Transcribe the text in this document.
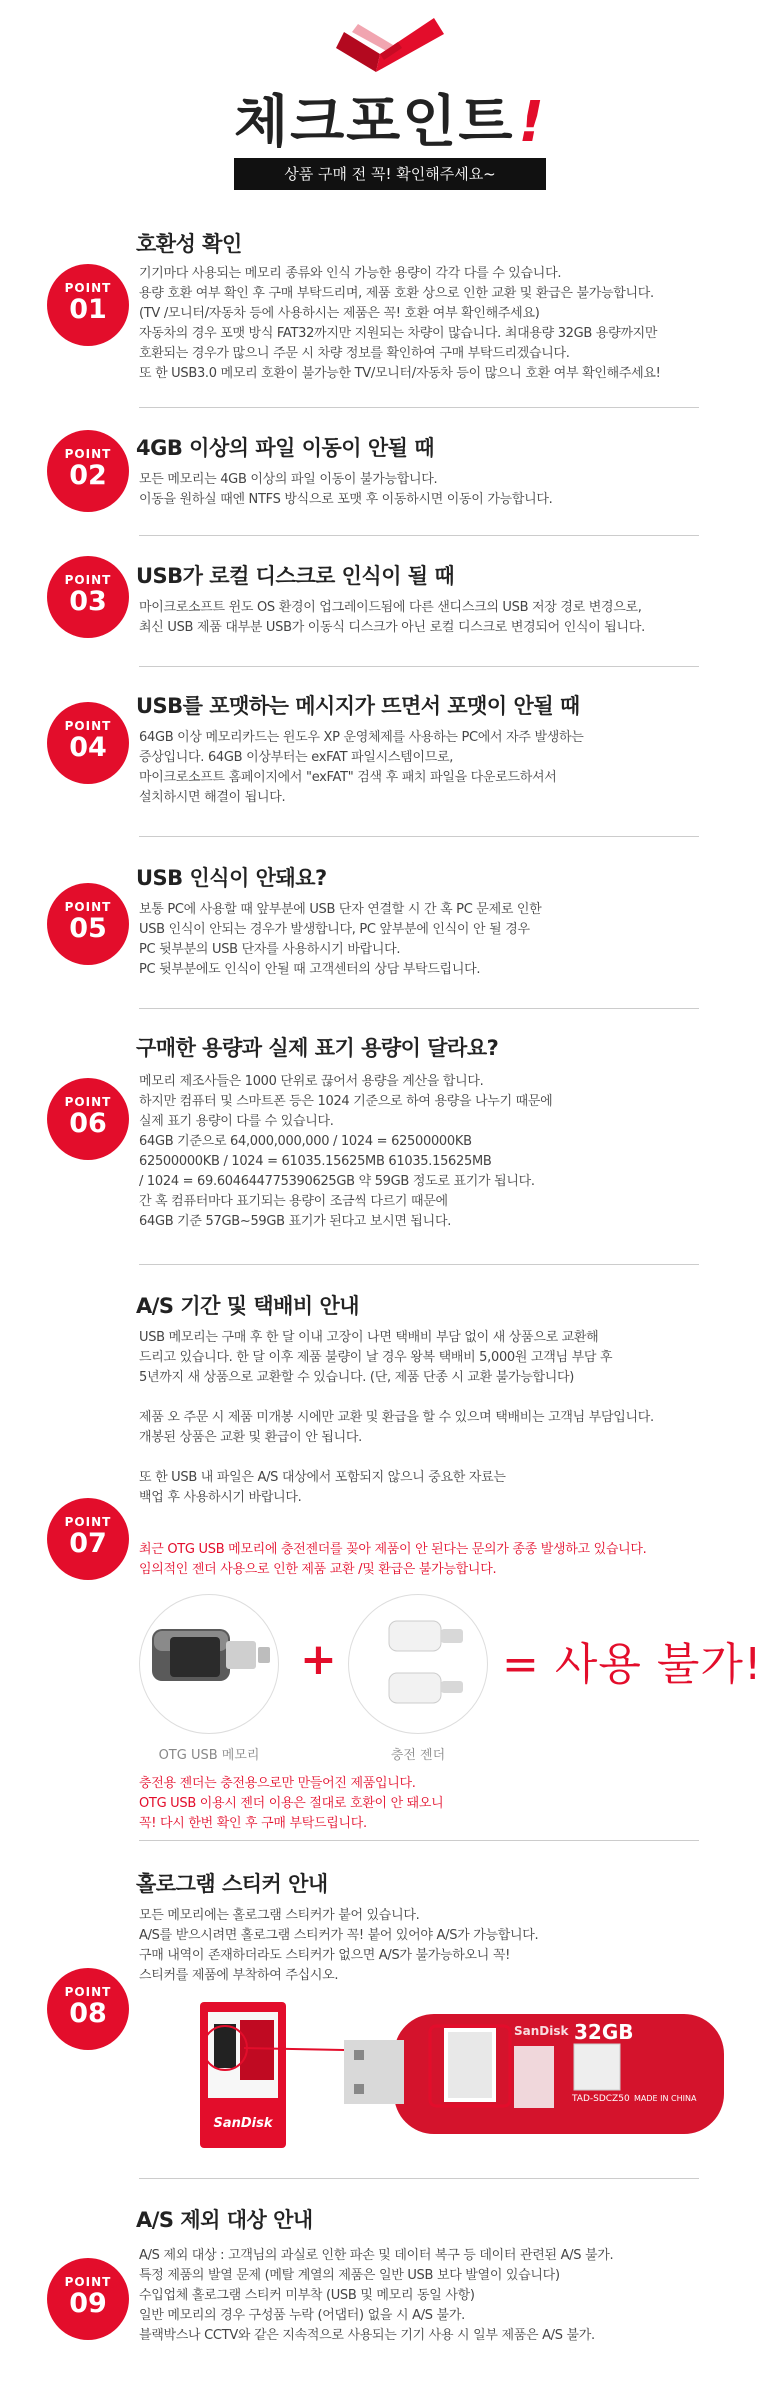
체크포인트!
상품 구매 전 꼭! 확인해주세요~
POINT
01
호환성 확인
기기마다 사용되는 메모리 종류와 인식 가능한 용량이 각각 다를 수 있습니다.
용량 호환 여부 확인 후 구매 부탁드리며, 제품 호환 상으로 인한 교환 및 환급은 불가능합니다.
(TV /모니터/자동차 등에 사용하시는 제품은 꼭! 호환 여부 확인해주세요)
자동차의 경우 포맷 방식 FAT32까지만 지원되는 차량이 많습니다. 최대용량 32GB 용량까지만
호환되는 경우가 많으니 주문 시 차량 정보를 확인하여 구매 부탁드리겠습니다.
또 한 USB3.0 메모리 호환이 불가능한 TV/모니터/자동차 등이 많으니 호환 여부 확인해주세요!
POINT
02
4GB 이상의 파일 이동이 안될 때
모든 메모리는 4GB 이상의 파일 이동이 불가능합니다.
이동을 원하실 때엔 NTFS 방식으로 포맷 후 이동하시면 이동이 가능합니다.
POINT
03
USB가 로컬 디스크로 인식이 될 때
마이크로소프트 윈도 OS 환경이 업그레이드됨에 다른 샌디스크의 USB 저장 경로 변경으로,
최신 USB 제품 대부분 USB가 이동식 디스크가 아닌 로컬 디스크로 변경되어 인식이 됩니다.
POINT
04
USB를 포맷하는 메시지가 뜨면서 포맷이 안될 때
64GB 이상 메모리카드는 윈도우 XP 운영체제를 사용하는 PC에서 자주 발생하는
증상입니다. 64GB 이상부터는 exFAT 파일시스템이므로,
마이크로소프트 홈페이지에서 "exFAT" 검색 후 패치 파일을 다운로드하셔서
설치하시면 해결이 됩니다.
POINT
05
USB 인식이 안돼요?
보통 PC에 사용할 때 앞부분에 USB 단자 연결할 시 간 혹 PC 문제로 인한
USB 인식이 안되는 경우가 발생합니다, PC 앞부분에 인식이 안 될 경우
PC 뒷부분의 USB 단자를 사용하시기 바랍니다.
PC 뒷부분에도 인식이 안될 때 고객센터의 상담 부탁드립니다.
POINT
06
구매한 용량과 실제 표기 용량이 달라요?
메모리 제조사들은 1000 단위로 끊어서 용량을 계산을 합니다.
하지만 컴퓨터 및 스마트폰 등은 1024 기준으로 하여 용량을 나누기 때문에
실제 표기 용량이 다를 수 있습니다.
64GB 기준으로 64,000,000,000 / 1024 = 62500000KB
62500000KB / 1024 = 61035.15625MB 61035.15625MB
/ 1024 = 69.604644775390625GB 약 59GB 정도로 표기가 됩니다.
간 혹 컴퓨터마다 표기되는 용량이 조금씩 다르기 때문에
64GB 기준 57GB~59GB 표기가 된다고 보시면 됩니다.
POINT
07
A/S 기간 및 택배비 안내
USB 메모리는 구매 후 한 달 이내 고장이 나면 택배비 부담 없이 새 상품으로 교환해
드리고 있습니다. 한 달 이후 제품 불량이 날 경우 왕복 택배비 5,000원 고객님 부담 후
5년까지 새 상품으로 교환할 수 있습니다. (단, 제품 단종 시 교환 불가능합니다)

제품 오 주문 시 제품 미개봉 시에만 교환 및 환급을 할 수 있으며 택배비는 고객님 부담입니다.
개봉된 상품은 교환 및 환급이 안 됩니다.

또 한 USB 내 파일은 A/S 대상에서 포함되지 않으니 중요한 자료는
백업 후 사용하시기 바랍니다.
최근 OTG USB 메모리에 충전젠더를 꽂아 제품이 안 된다는 문의가 종종 발생하고 있습니다.
임의적인 젠더 사용으로 인한 제품 교환 /및 환급은 불가능합니다.
+	= 사용 불가!
OTG USB 메모리	충전 젠더
충전용 젠더는 충전용으로만 만들어진 제품입니다.
OTG USB 이용시 젠더 이용은 절대로 호환이 안 돼오니
꼭! 다시 한번 확인 후 구매 부탁드립니다.
POINT
08
홀로그램 스티커 안내
모든 메모리에는 홀로그램 스티커가 붙어 있습니다.
A/S를 받으시려면 홀로그램 스티커가 꼭! 붙어 있어야 A/S가 가능합니다.
구매 내역이 존재하더라도 스티커가 없으면 A/S가 불가능하오니 꼭!
스티커를 제품에 부착하여 주십시오.
SanDisk
32GB
SanDisk
TAD-SDCZ50 MADE IN CHINA
POINT
09
A/S 제외 대상 안내
A/S 제외 대상 : 고객님의 과실로 인한 파손 및 데이터 복구 등 데이터 관련된 A/S 불가.
특정 제품의 발열 문제 (메탈 계열의 제품은 일반 USB 보다 발열이 있습니다)
수입업체 홀로그램 스티커 미부착 (USB 및 메모리 동일 사항)
일반 메모리의 경우 구성품 누락 (어댑터) 없을 시 A/S 불가.
블랙박스나 CCTV와 같은 지속적으로 사용되는 기기 사용 시 일부 제품은 A/S 불가.
